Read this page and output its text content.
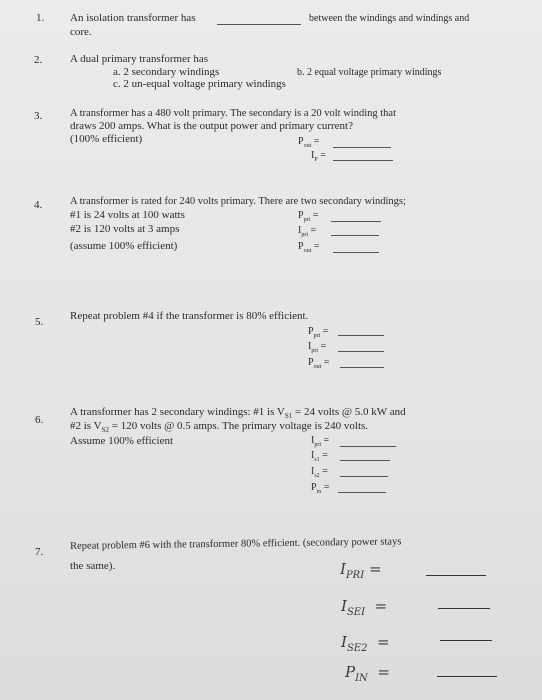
1. An isolation transformer has	between the windings and windings and
core.
2.	A dual primary transformer has
a. 2 secondary windings	b. 2 equal voltage primary windings
c. 2 un-equal voltage primary windings
3.	A transformer has a 480 volt primary. The secondary is a 20 volt winding that
draws 200 amps. What is the output power and primary current?
(100% efficient)	$P_{out}$ =
$I_P$ =
4.	A transformer is rated for 240 volts primary. There are two secondary windings;
#1 is 24 volts at 100 watts
#2 is 120 volts at 3 amps
(assume 100% efficient)
$P_{pri}$ =
$I_{pri}$ =
$P_{out}$ =
5. Repeat problem #4 if the transformer is 80% efficient.
$P_{pri}$ =
$I_{pri}$ =
$P_{out}$ =
6.
A transformer has 2 secondary windings: #1 is $V_{S1} = 24$ volts @ 5.0 kW and
#2 is $V_{S2} = 120$ volts @ 0.5 amps. The primary voltage is 240 volts.
Assume 100% efficient	$I_{pri}$ =
$I_{s1}$ =
$I_{s2}$ =
$P_{in}$ =
7.
Repeat problem #6 with the transformer 80% efficient. (secondary power stays
the same).	$I_{PRI}$ =
$I_{SEI}$ =
$I_{SE2}$ =
$P_{IN}$ =
